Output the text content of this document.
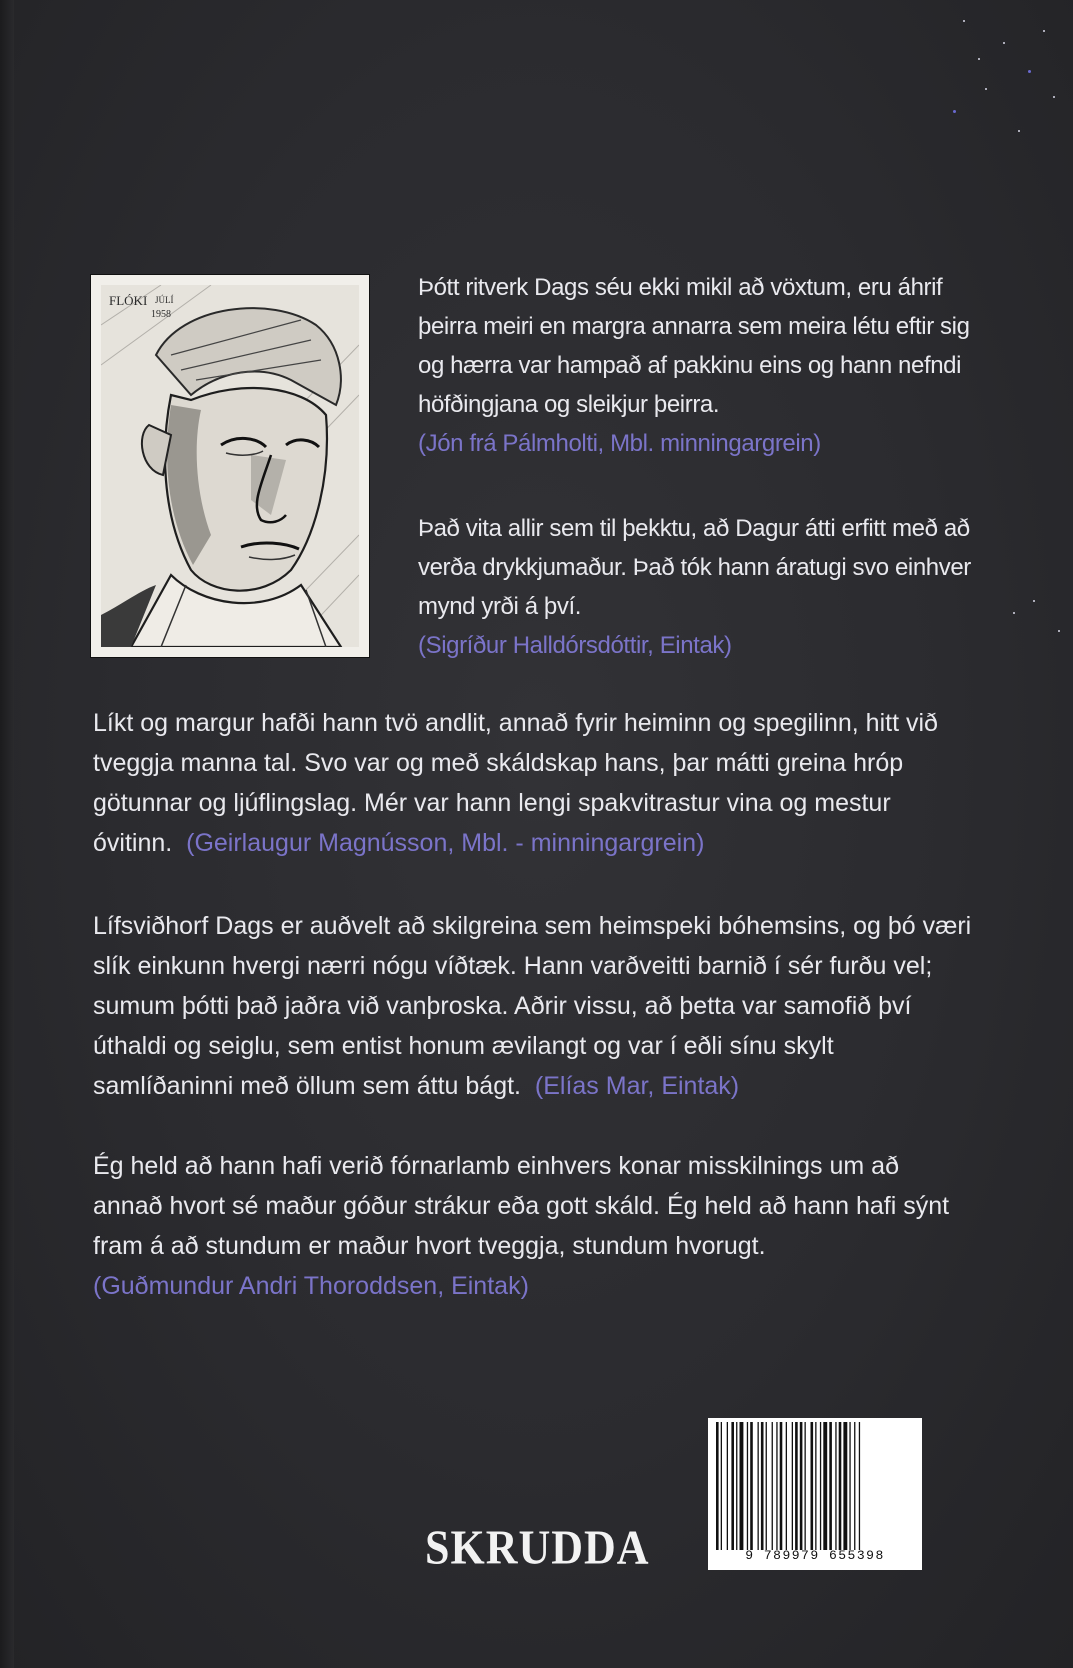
FLÓKI JÚLÍ
1958

Þótt ritverk Dags séu ekki mikil að vöxtum, eru áhrif þeirra meiri en margra annarra sem meira létu eftir sig og hærra var hampað af pakkinu eins og hann nefndi höfðingjana og sleikjur þeirra.
(Jón frá Pálmholti, Mbl. minningargrein)

Það vita allir sem til þekktu, að Dagur átti erfitt með að verða drykkjumaður. Það tók hann áratugi svo einhver mynd yrði á því.
(Sigríður Halldórsdóttir, Eintak)

Líkt og margur hafði hann tvö andlit, annað fyrir heiminn og spegilinn, hitt við tveggja manna tal. Svo var og með skáldskap hans, þar mátti greina hróp götunnar og ljúflingslag. Mér var hann lengi spakvitrastur vina og mestur óvitinn. (Geirlaugur Magnússon, Mbl. - minningargrein)

Lífsviðhorf Dags er auðvelt að skilgreina sem heimspeki bóhemsins, og þó væri slík einkunn hvergi nærri nógu víðtæk. Hann varðveitti barnið í sér furðu vel; sumum þótti það jaðra við vanþroska. Aðrir vissu, að þetta var samofið því úthaldi og seiglu, sem entist honum ævilangt og var í eðli sínu skylt samlíðaninni með öllum sem áttu bágt. (Elías Mar, Eintak)

Ég held að hann hafi verið fórnarlamb einhvers konar misskilnings um að annað hvort sé maður góður strákur eða gott skáld. Ég held að hann hafi sýnt fram á að stundum er maður hvort tveggja, stundum hvorugt.
(Guðmundur Andri Thoroddsen, Eintak)

SKRUDDA	9 789979 655398
